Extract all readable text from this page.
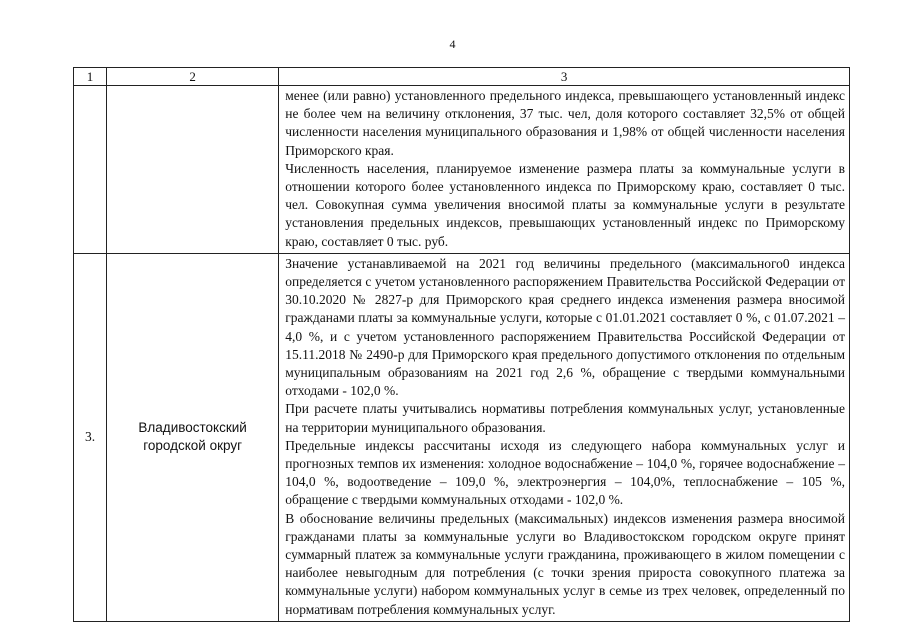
4
1	2	3

		менее (или равно) установленного предельного индекса, превышающего установленный индекс не более чем на величину отклонения, 37 тыс. чел, доля которого составляет 32,5% от общей численности населения муниципального образования и 1,98% от общей численности населения Приморского края.

Численность населения, планируемое изменение размера платы за коммунальные услуги в отношении которого более установленного индекса по Приморскому краю, составляет 0 тыс. чел. Совокупная сумма увеличения вносимой платы за коммунальные услуги в результате установления предельных индексов, превышающих установленный индекс по Приморскому краю, составляет 0 тыс. руб.

3.	Владивостокский городской округ	Значение устанавливаемой на 2021 год величины предельного (максимального0 индекса определяется с учетом установленного распоряжением Правительства Российской Федерации от 30.10.2020 № 2827-р для Приморского края среднего индекса изменения размера вносимой гражданами платы за коммунальные услуги, которые с 01.01.2021 составляет 0 %, с 01.07.2021 – 4,0 %, и с учетом установленного распоряжением Правительства Российской Федерации от 15.11.2018 № 2490-р для Приморского края предельного допустимого отклонения по отдельным муниципальным образованиям на 2021 год 2,6 %, обращение с твердыми коммунальными отходами - 102,0 %.

При расчете платы учитывались нормативы потребления коммунальных услуг, установленные на территории муниципального образования.

Предельные индексы рассчитаны исходя из следующего набора коммунальных услуг и прогнозных темпов их изменения: холодное водоснабжение – 104,0 %, горячее водоснабжение – 104,0 %, водоотведение – 109,0 %, электроэнергия – 104,0%, теплоснабжение – 105 %, обращение с твердыми коммунальных отходами - 102,0 %.

В обоснование величины предельных (максимальных) индексов изменения размера вносимой гражданами платы за коммунальные услуги во Владивостокском городском округе принят суммарный платеж за коммунальные услуги гражданина, проживающего в жилом помещении с наиболее невыгодным для потребления (с точки зрения прироста совокупного платежа за коммунальные услуги) набором коммунальных услуг в семье из трех человек, определенный по нормативам потребления коммунальных услуг.
